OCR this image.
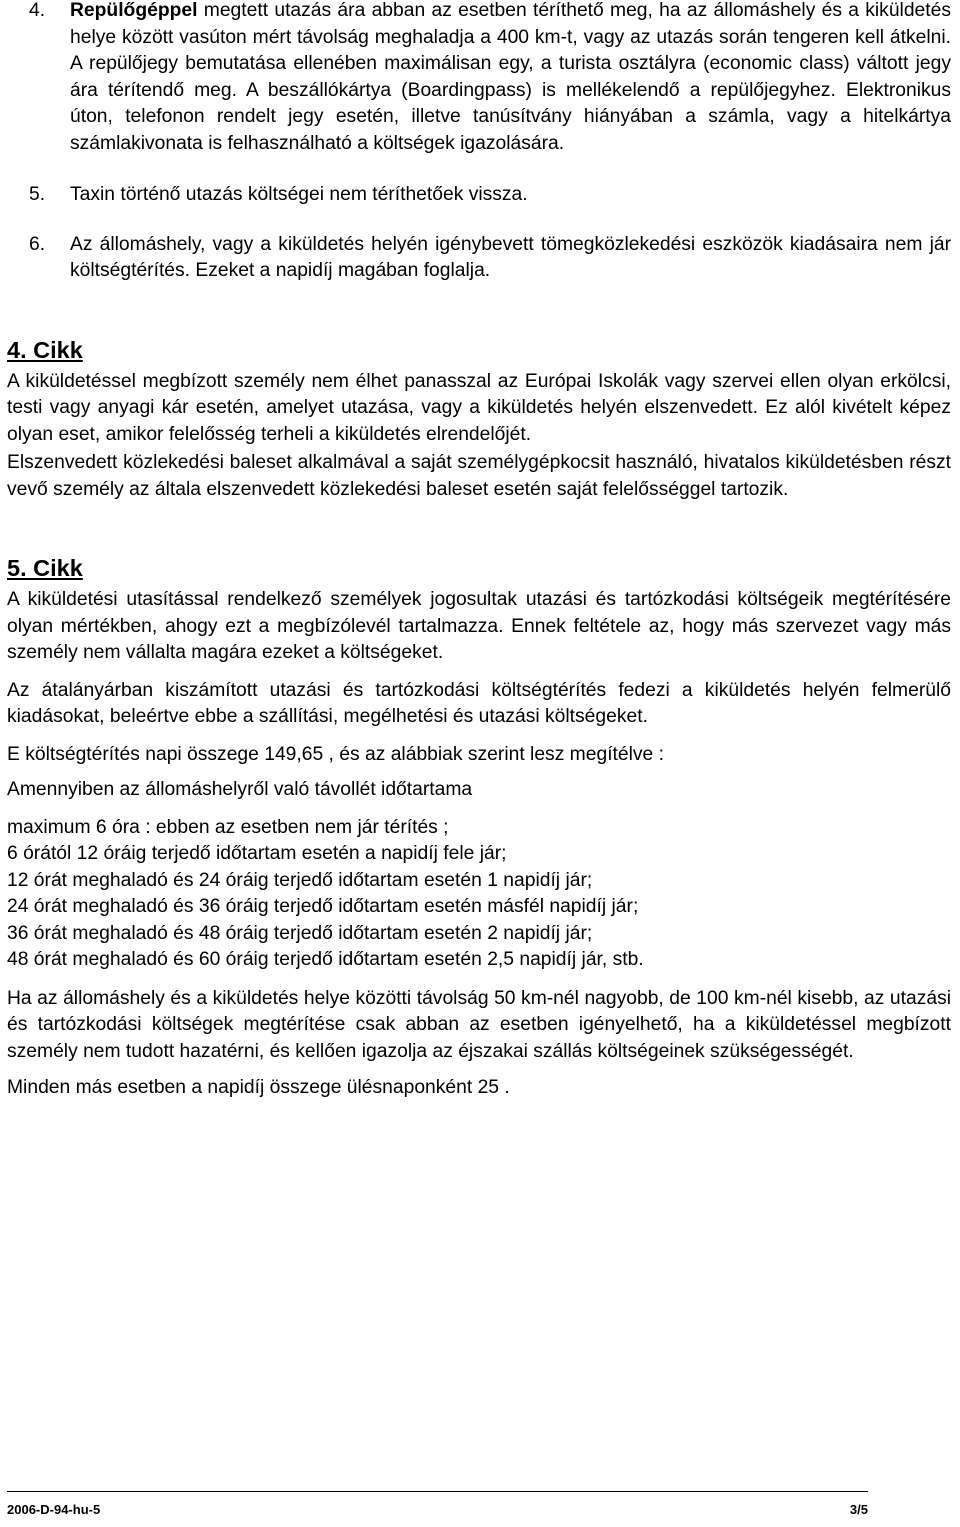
4. Repülőgéppel megtett utazás ára abban az esetben téríthető meg, ha az állomáshely és a kiküldetés helye között vasúton mért távolság meghaladja a 400 km-t, vagy az utazás során tengeren kell átkelni. A repülőjegy bemutatása ellenében maximálisan egy, a turista osztályra (economic class) váltott jegy ára térítendő meg. A beszállókártya (Boardingpass) is mellékelendő a repülőjegyhez. Elektronikus úton, telefonon rendelt jegy esetén, illetve tanúsítvány hiányában a számla, vagy a hitelkártya számlakivonata is felhasználható a költségek igazolására.
5. Taxin történő utazás költségei nem téríthetőek vissza.
6. Az állomáshely, vagy a kiküldetés helyén igénybevett tömegközlekedési eszközök kiadásaira nem jár költségtérítés. Ezeket a napidíj magában foglalja.
4. Cikk

A kiküldetéssel megbízott személy nem élhet panasszal az Európai Iskolák vagy szervei ellen olyan erkölcsi, testi vagy anyagi kár esetén, amelyet utazása, vagy a kiküldetés helyén elszenvedett. Ez alól kivételt képez olyan eset, amikor felelősség terheli a kiküldetés elrendelőjét.

Elszenvedett közlekedési baleset alkalmával a saját személygépkocsit használó, hivatalos kiküldetésben részt vevő személy az általa elszenvedett közlekedési baleset esetén saját felelősséggel tartozik.

5. Cikk

A kiküldetési utasítással rendelkező személyek jogosultak utazási és tartózkodási költségeik megtérítésére olyan mértékben, ahogy ezt a megbízólevél tartalmazza. Ennek feltétele az, hogy más szervezet vagy más személy nem vállalta magára ezeket a költségeket.

Az átalányárban kiszámított utazási és tartózkodási költségtérítés fedezi a kiküldetés helyén felmerülő kiadásokat, beleértve ebbe a szállítási, megélhetési és utazási költségeket.

E költségtérítés napi összege 149,65 , és az alábbiak szerint lesz megítélve :

Amennyiben az állomáshelyről való távollét időtartama

maximum 6 óra : ebben az esetben nem jár térítés ;
6 órától 12 óráig terjedő időtartam esetén a napidíj fele jár;
12 órát meghaladó és 24 óráig terjedő időtartam esetén 1 napidíj jár;
24 órát meghaladó és 36 óráig terjedő időtartam esetén másfél napidíj jár;
36 órát meghaladó és 48 óráig terjedő időtartam esetén 2 napidíj jár;
48 órát meghaladó és 60 óráig terjedő időtartam esetén 2,5 napidíj jár, stb.

Ha az állomáshely és a kiküldetés helye közötti távolság 50 km-nél nagyobb, de 100 km-nél kisebb, az utazási és tartózkodási költségek megtérítése csak abban az esetben igényelhető, ha a kiküldetéssel megbízott személy nem tudott hazatérni, és kellően igazolja az éjszakai szállás költségeinek szükségességét.

Minden más esetben a napidíj összege ülésnaponként 25 .

2006-D-94-hu-5	3/5
